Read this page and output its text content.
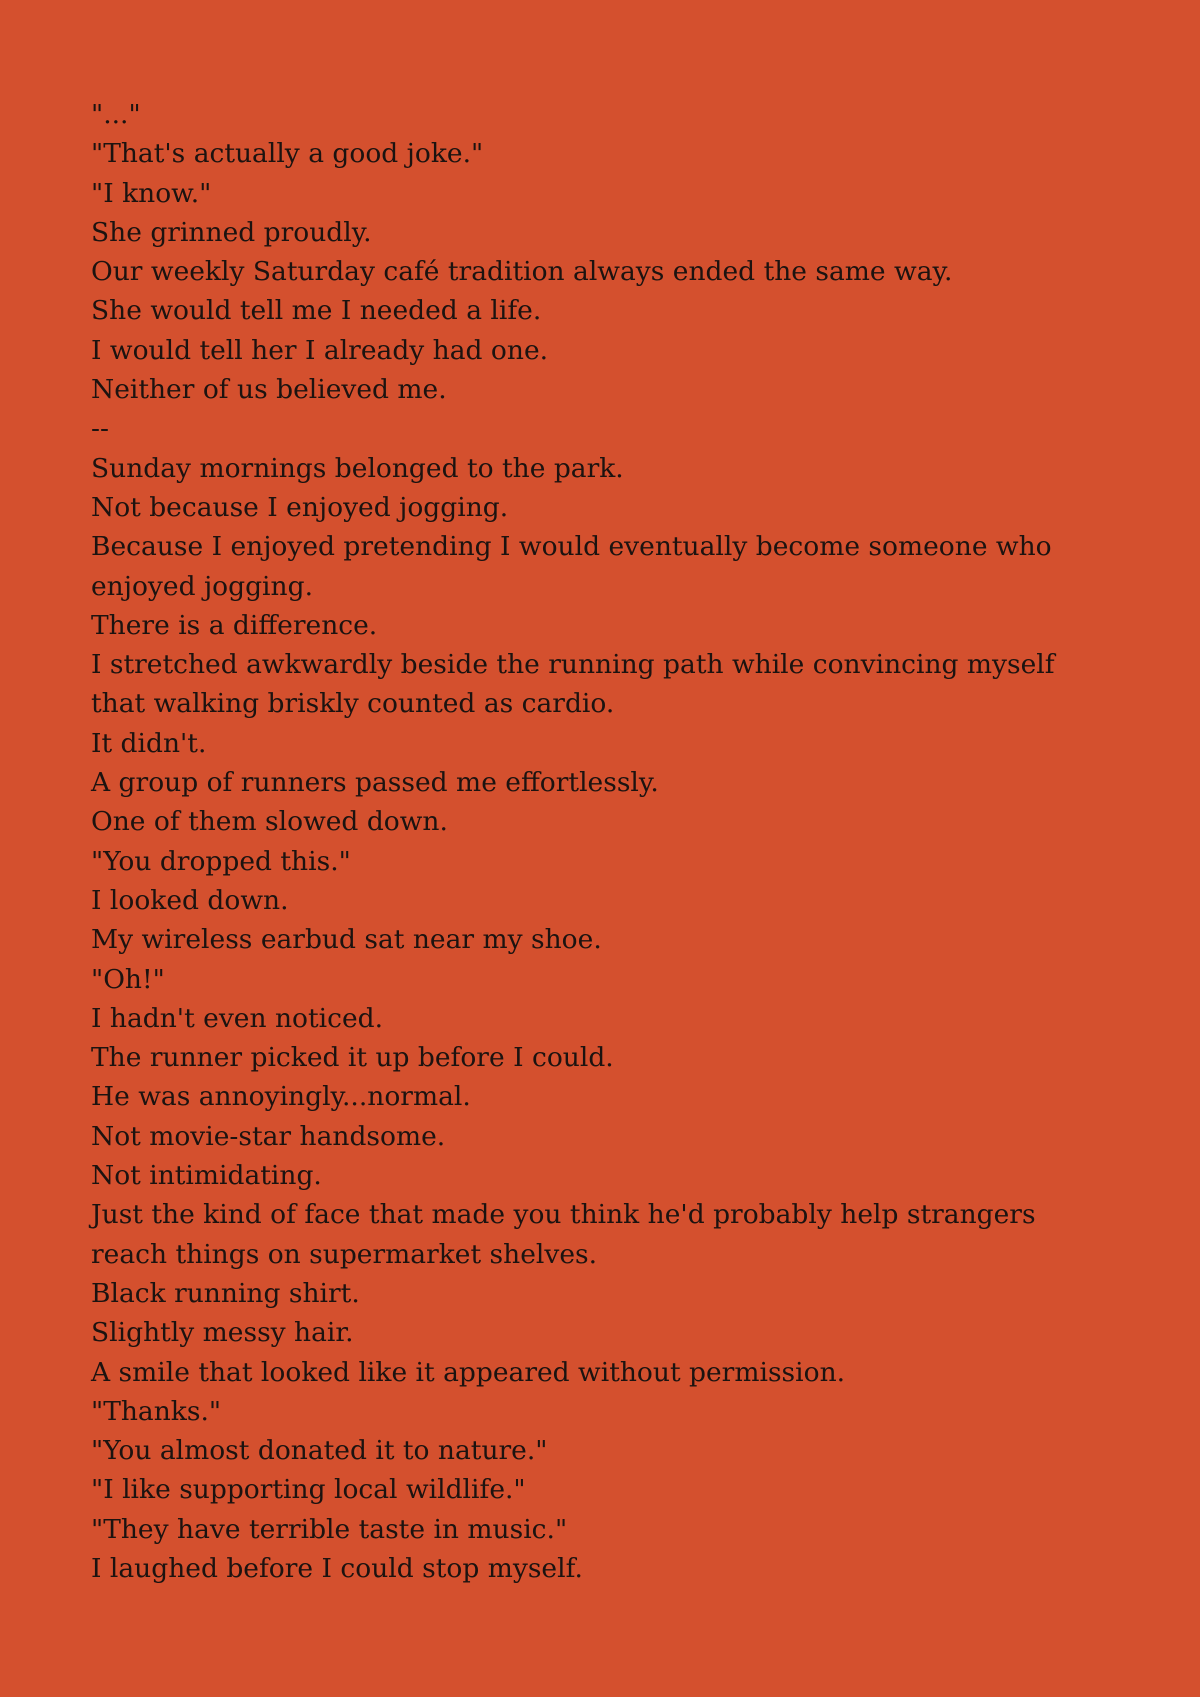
"..."

"That's actually a good joke."

"I know."

She grinned proudly.

Our weekly Saturday café tradition always ended the same way.

She would tell me I needed a life.

I would tell her I already had one.

Neither of us believed me.

--

Sunday mornings belonged to the park.

Not because I enjoyed jogging.

Because I enjoyed pretending I would eventually become someone who enjoyed jogging.

There is a difference.

I stretched awkwardly beside the running path while convincing myself that walking briskly counted as cardio.

It didn't.

A group of runners passed me effortlessly.

One of them slowed down.

"You dropped this."

I looked down.

My wireless earbud sat near my shoe.

"Oh!"

I hadn't even noticed.

The runner picked it up before I could.

He was annoyingly...normal.

Not movie-star handsome.

Not intimidating.

Just the kind of face that made you think he'd probably help strangers reach things on supermarket shelves.

Black running shirt.

Slightly messy hair.

A smile that looked like it appeared without permission.

"Thanks."

"You almost donated it to nature."

"I like supporting local wildlife."

"They have terrible taste in music."

I laughed before I could stop myself.
